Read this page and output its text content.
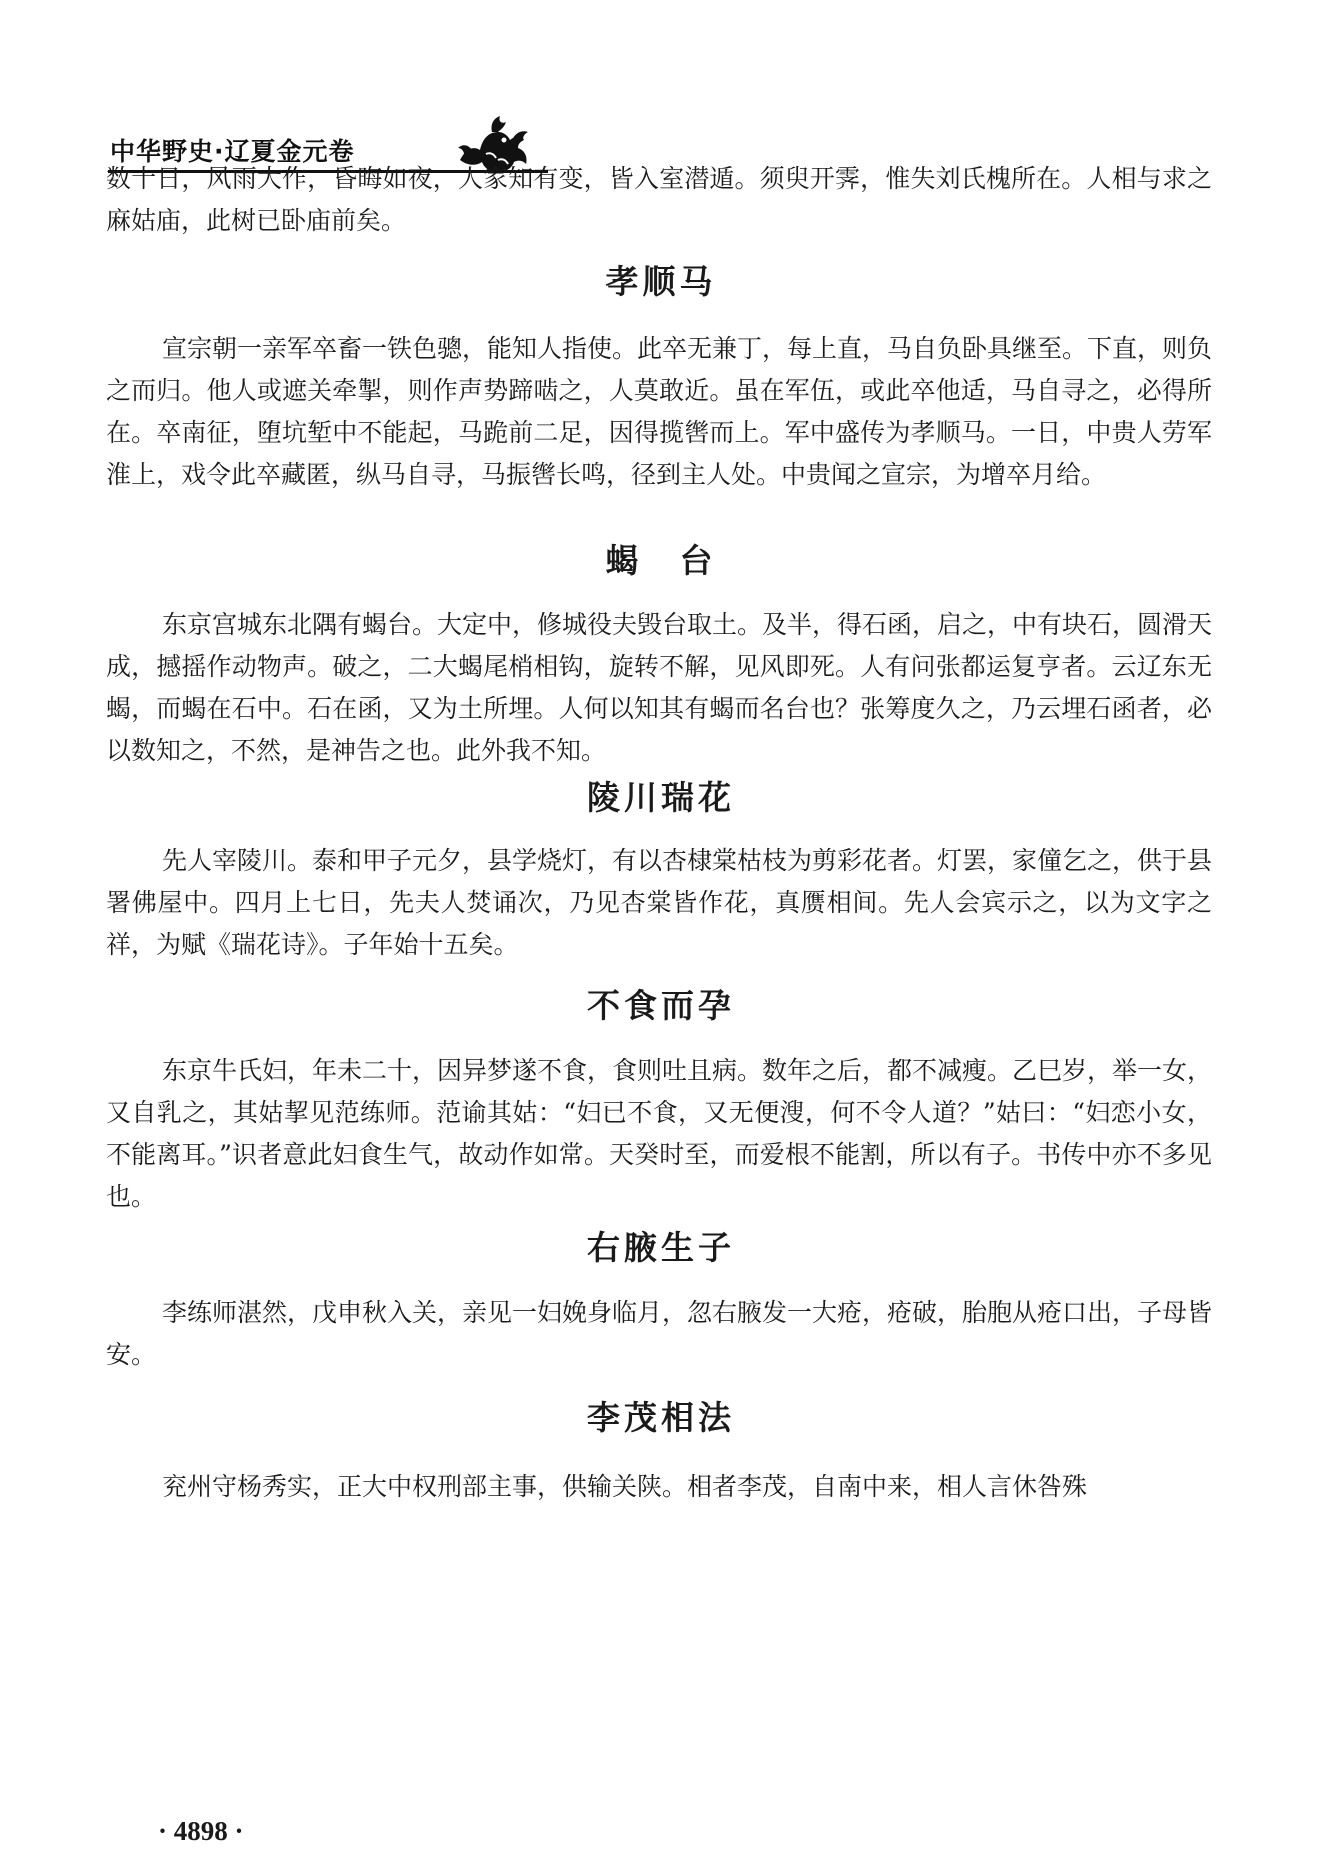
中华野史·辽夏金元卷

数十日，风雨大作，昏晦如夜，人家知有变，皆入室潜遁。须臾开霁，惟失刘氏槐所在。人相与求之麻姑庙，此树已卧庙前矣。

孝顺马

宣宗朝一亲军卒畜一铁色骢，能知人指使。此卒无兼丁，每上直，马自负卧具继至。下直，则负之而归。他人或遮关牵掣，则作声势蹄啮之，人莫敢近。虽在军伍，或此卒他适，马自寻之，必得所在。卒南征，堕坑堑中不能起，马跪前二足，因得揽辔而上。军中盛传为孝顺马。一日，中贵人劳军淮上，戏令此卒藏匿，纵马自寻，马振辔长鸣，径到主人处。中贵闻之宣宗，为增卒月给。

蝎　台

东京宫城东北隅有蝎台。大定中，修城役夫毁台取土。及半，得石函，启之，中有块石，圆滑天成，撼摇作动物声。破之，二大蝎尾梢相钩，旋转不解，见风即死。人有问张都运复亨者。云辽东无蝎，而蝎在石中。石在函，又为土所埋。人何以知其有蝎而名台也？张筹度久之，乃云埋石函者，必以数知之，不然，是神告之也。此外我不知。

陵川瑞花

先人宰陵川。泰和甲子元夕，县学烧灯，有以杏棣棠枯枝为剪彩花者。灯罢，家僮乞之，供于县署佛屋中。四月上七日，先夫人焚诵次，乃见杏棠皆作花，真赝相间。先人会宾示之，以为文字之祥，为赋《瑞花诗》。子年始十五矣。

不食而孕

东京牛氏妇，年未二十，因异梦遂不食，食则吐且病。数年之后，都不减瘦。乙巳岁，举一女，又自乳之，其姑挈见范练师。范谕其姑：“妇已不食，又无便溲，何不令人道？”姑曰：“妇恋小女，不能离耳。”识者意此妇食生气，故动作如常。天癸时至，而爱根不能割，所以有子。书传中亦不多见也。

右腋生子

李练师湛然，戊申秋入关，亲见一妇娩身临月，忽右腋发一大疮，疮破，胎胞从疮口出，子母皆安。

李茂相法

兖州守杨秀实，正大中权刑部主事，供输关陕。相者李茂，自南中来，相人言休咎殊

· 4898 ·
